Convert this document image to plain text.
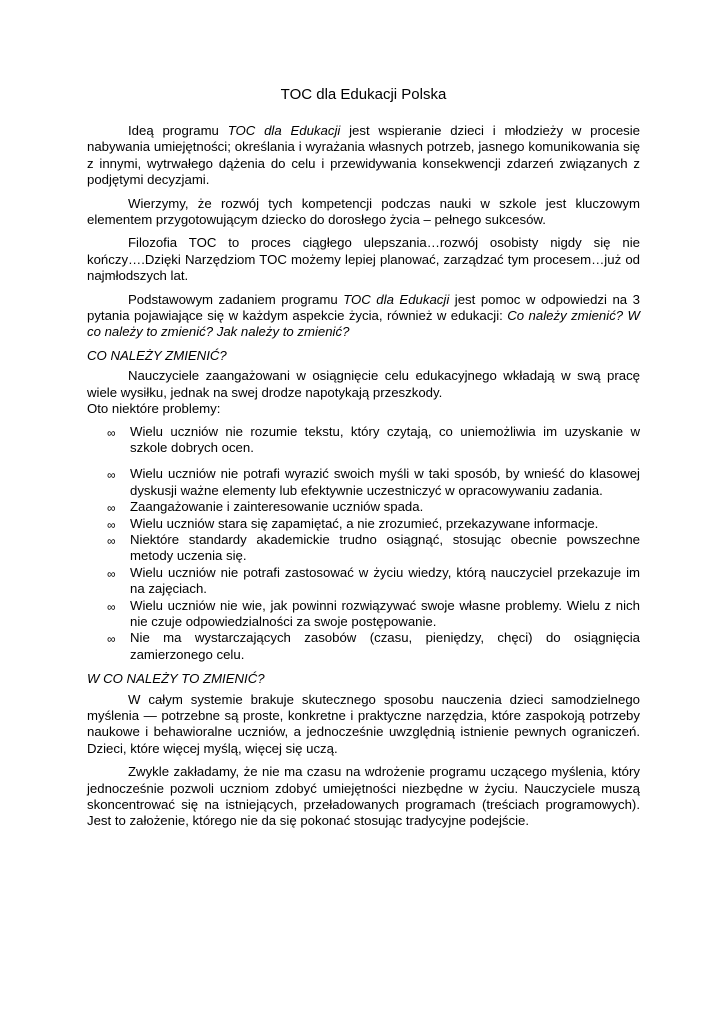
TOC dla Edukacji Polska

Ideą programu TOC dla Edukacji jest wspieranie dzieci i młodzieży w procesie nabywania umiejętności; określania i wyrażania własnych potrzeb, jasnego komunikowania się z innymi, wytrwałego dążenia do celu i przewidywania konsekwencji zdarzeń związanych z podjętymi decyzjami.

Wierzymy, że rozwój tych kompetencji podczas nauki w szkole jest kluczowym elementem przygotowującym dziecko do dorosłego życia – pełnego sukcesów.

Filozofia TOC to proces ciągłego ulepszania…rozwój osobisty nigdy się nie kończy….Dzięki Narzędziom TOC możemy lepiej planować, zarządzać tym procesem…już od najmłodszych lat.

Podstawowym zadaniem programu TOC dla Edukacji jest pomoc w odpowiedzi na 3 pytania pojawiające się w każdym aspekcie życia, również w edukacji: Co należy zmienić? W co należy to zmienić? Jak należy to zmienić?

CO NALEŻY ZMIENIĆ?

Nauczyciele zaangażowani w osiągnięcie celu edukacyjnego wkładają w swą pracę wiele wysiłku, jednak na swej drodze napotykają przeszkody.

Oto niektóre problemy:

∞ Wielu uczniów nie rozumie tekstu, który czytają, co uniemożliwia im uzyskanie w szkole dobrych ocen.
∞ Wielu uczniów nie potrafi wyrazić swoich myśli w taki sposób, by wnieść do klasowej dyskusji ważne elementy lub efektywnie uczestniczyć w opracowywaniu zadania.
∞ Zaangażowanie i zainteresowanie uczniów spada.
∞ Wielu uczniów stara się zapamiętać, a nie zrozumieć, przekazywane informacje.
∞ Niektóre standardy akademickie trudno osiągnąć, stosując obecnie powszechne metody uczenia się.
∞ Wielu uczniów nie potrafi zastosować w życiu wiedzy, którą nauczyciel przekazuje im na zajęciach.
∞ Wielu uczniów nie wie, jak powinni rozwiązywać swoje własne problemy. Wielu z nich nie czuje odpowiedzialności za swoje postępowanie.
∞ Nie ma wystarczających zasobów (czasu, pieniędzy, chęci) do osiągnięcia zamierzonego celu.

W CO NALEŻY TO ZMIENIĆ?

W całym systemie brakuje skutecznego sposobu nauczenia dzieci samodzielnego myślenia — potrzebne są proste, konkretne i praktyczne narzędzia, które zaspokoją potrzeby naukowe i behawioralne uczniów, a jednocześnie uwzględnią istnienie pewnych ograniczeń. Dzieci, które więcej myślą, więcej się uczą.

Zwykle zakładamy, że nie ma czasu na wdrożenie programu uczącego myślenia, który jednocześnie pozwoli uczniom zdobyć umiejętności niezbędne w życiu. Nauczyciele muszą skoncentrować się na istniejących, przeładowanych programach (treściach programowych). Jest to założenie, którego nie da się pokonać stosując tradycyjne podejście.
